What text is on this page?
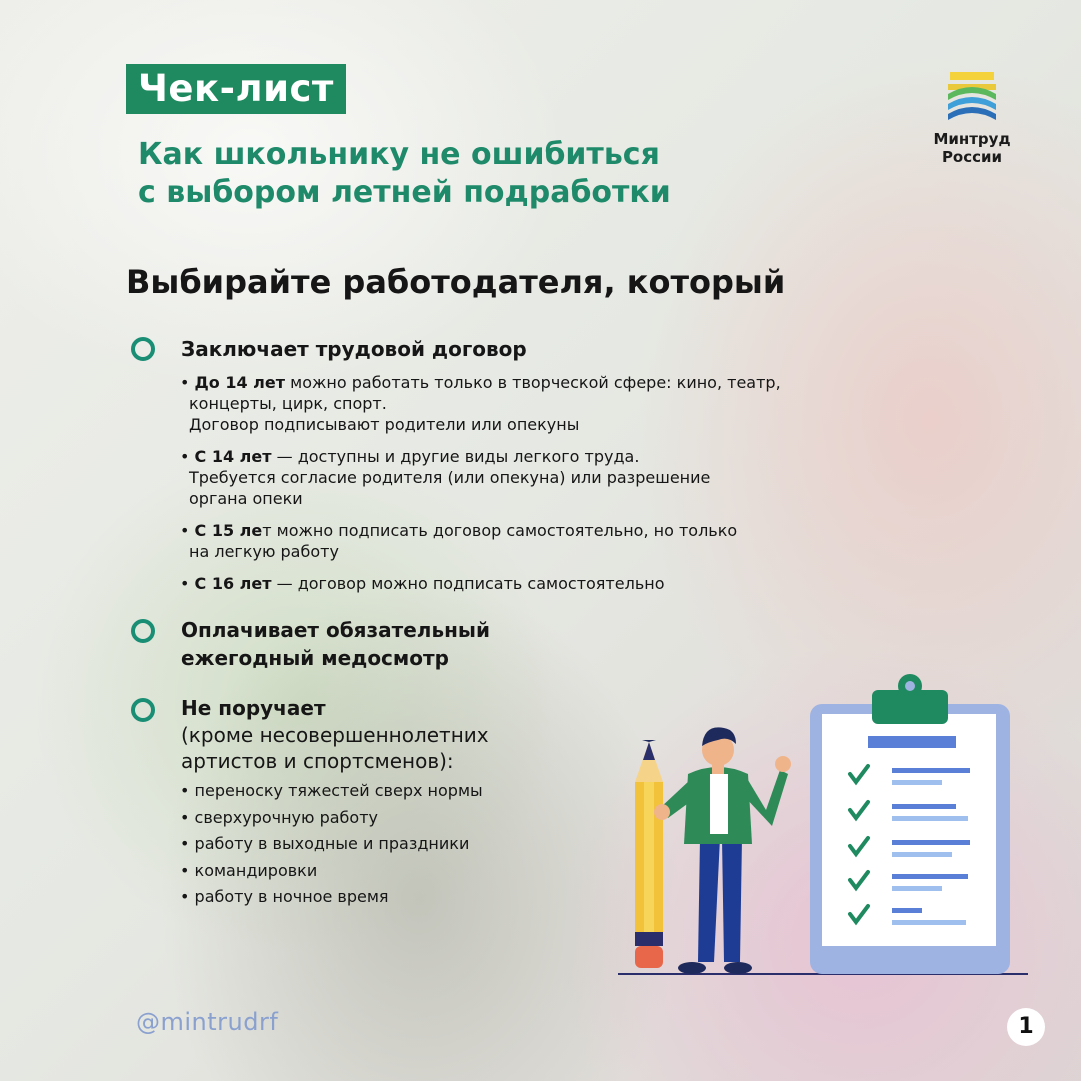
Чек-лист
Как школьнику не ошибиться
с выбором летней подработки
Минтруд
России
Выбирайте работодателя, который
Заключает трудовой договор
• До 14 лет можно работать только в творческой сфере: кино, театр,
концерты, цирк, спорт.
Договор подписывают родители или опекуны
• С 14 лет — доступны и другие виды легкого труда.
Требуется согласие родителя (или опекуна) или разрешение
органа опеки
• С 15 лет можно подписать договор самостоятельно, но только
на легкую работу
• С 16 лет — договор можно подписать самостоятельно
Оплачивает обязательный
ежегодный медосмотр
Не поручает
(кроме несовершеннолетних
артистов и спортсменов):
• переноску тяжестей сверх нормы
• сверхурочную работу
• работу в выходные и праздники
• командировки
• работу в ночное время
@mintrudrf	1
